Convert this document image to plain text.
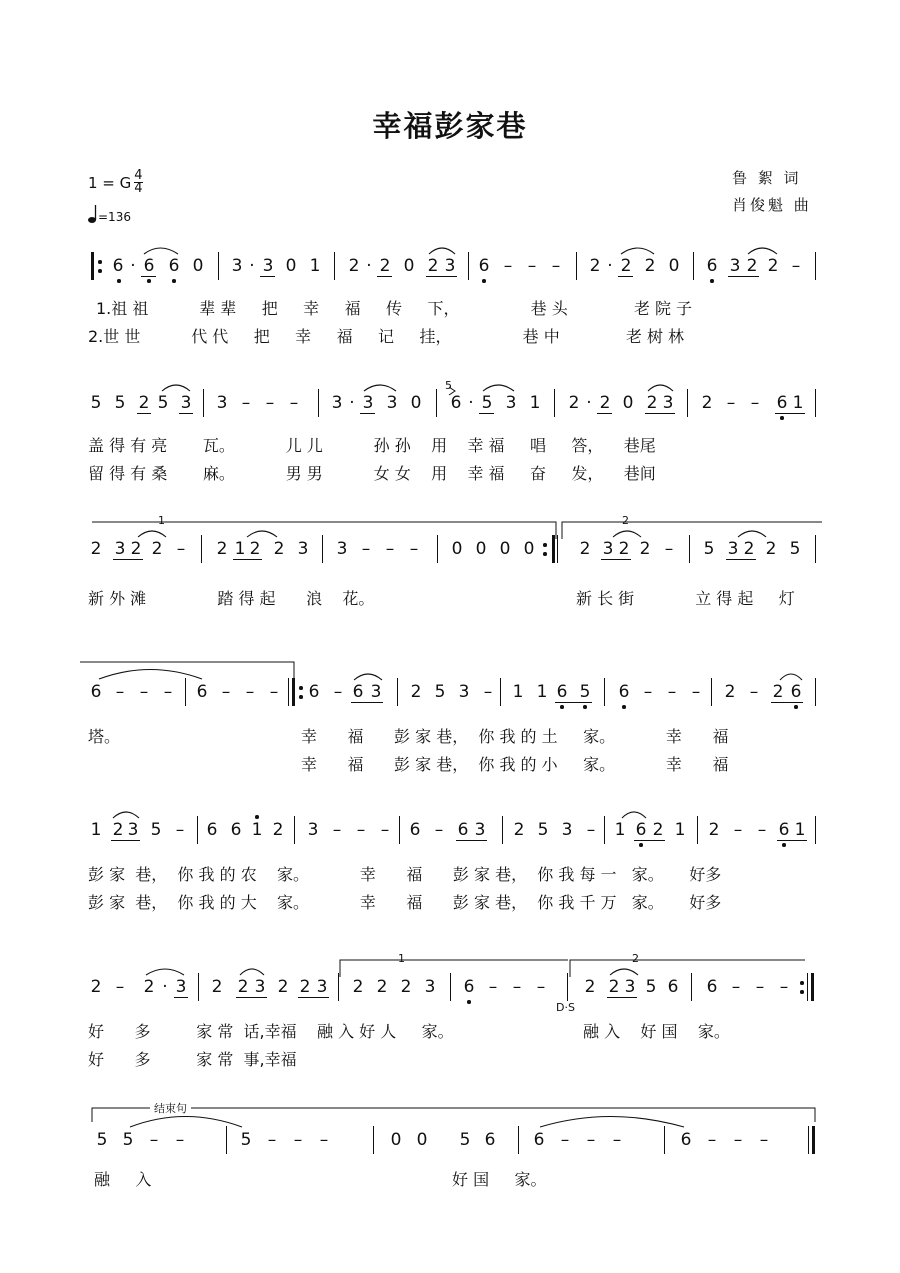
幸福彭家巷
1 = G $\frac{4}{4}$
=136
鲁 絮 词
肖俊魁 曲
6 · 6 6 0 3 · 3 0 1 2 · 2 0 2 3 6 – – – 2 · 2 2 0 6 3 2 2 –
1.祖 祖          辈 辈     把     幸     福     传     下，              巷 头             老 院 子
2.世 世          代 代     把     幸     福     记     挂，              巷 中             老 树 林
5 5 2 5 3 3 – – – 3 · 3 3 0 6 · 5 3 1 2 · 2 0 2 3 2 – – 6 1
5
盖 得 有 亮       瓦。          儿 儿          孙 孙    用    幸 福     唱     答，    巷尾
留 得 有 桑       麻。          男 男          女 女    用    幸 福     奋     发，    巷间
1	2
2 3 2 2 – 2 1 2 2 3 3 – – – 0 0 0 0	2 3 2 2 – 5 3 2 2 5
新 外 滩              踏 得 起      浪    花。	新 长 街            立 得 起     灯
6 – – – 6 – – – 6 – 6 3 2 5 3 – 1 1 6 5 6 – – – 2 – 2 6
塔。	幸      福      彭 家 巷，  你 我 的 土     家。          幸      福
幸      福      彭 家 巷，  你 我 的 小     家。          幸      福
1 2 3 5 – 6 6 1 2 3 – – – 6 – 6 3 2 5 3 – 1 6 2 1 2 – – 6 1
彭 家  巷，  你 我 的 农    家。          幸      福      彭 家 巷，  你 我 每 一   家。     好多
彭 家  巷，  你 我 的 大    家。          幸      福      彭 家 巷，  你 我 千 万   家。     好多
1	2
2 – 2 · 3 2 2 3 2 2 3 2 2 2 3 6 – – –
D·S
2 2 3 5 6 6 – – –
好      多         家 常  话,幸福    融 入 好 人     家。
好      多         家 常  事,幸福
融 入    好 国    家。
结束句
5 5 – –	5 – – –	0 0 5 6 6 – – –	6 – – –
融     入	好 国     家。
